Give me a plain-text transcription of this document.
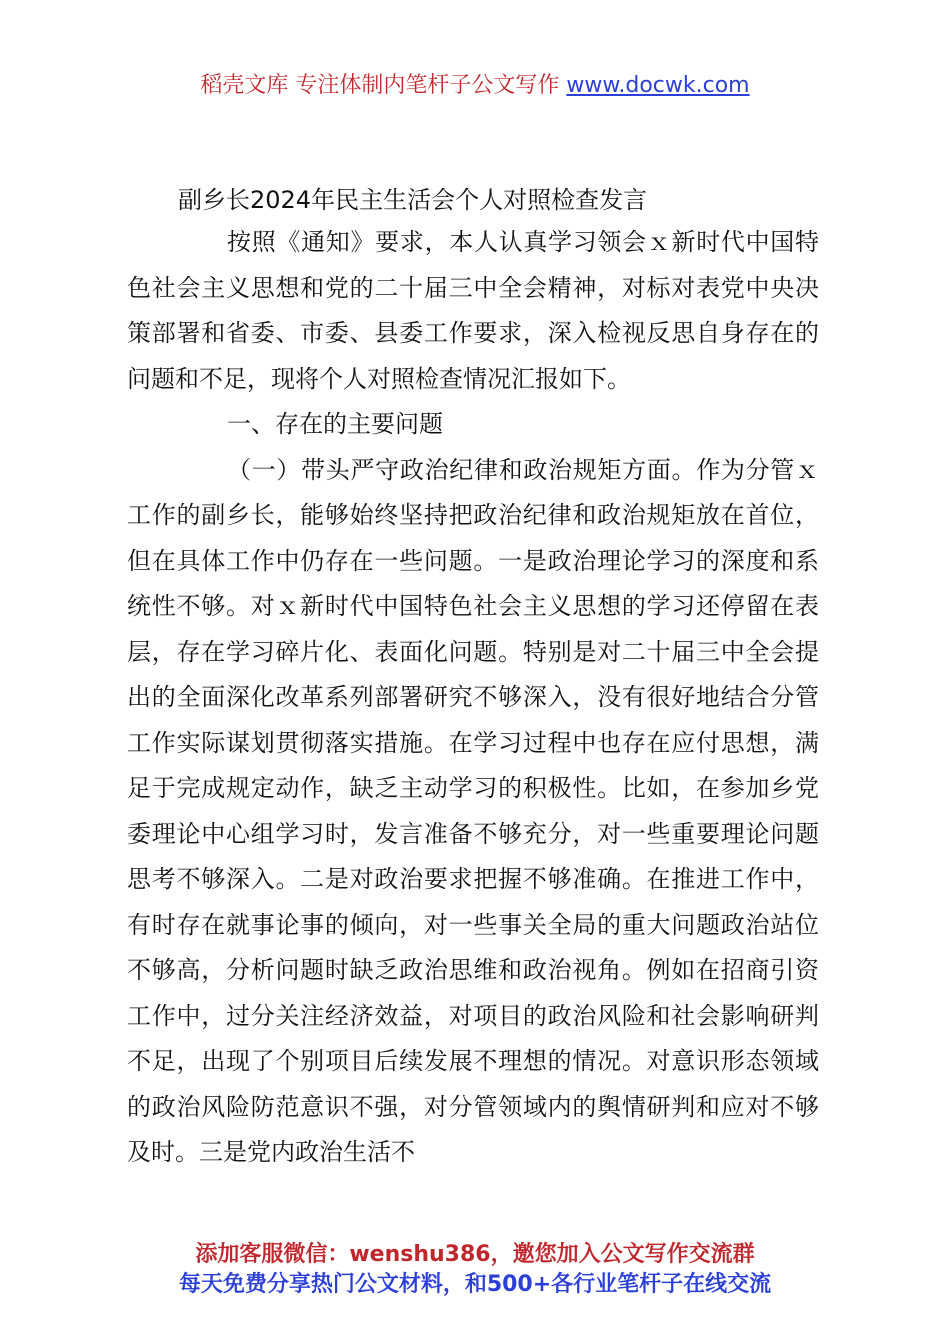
稻壳文库 专注体制内笔杆子公文写作 www.docwk.com
副乡长2024年民主生活会个人对照检查发言

按照《通知》要求，本人认真学习领会ｘ新时代中国特色社会主义思想和党的二十届三中全会精神，对标对表党中央决策部署和省委、市委、县委工作要求，深入检视反思自身存在的问题和不足，现将个人对照检查情况汇报如下。

一、存在的主要问题

（一）带头严守政治纪律和政治规矩方面。作为分管ｘ工作的副乡长，能够始终坚持把政治纪律和政治规矩放在首位，但在具体工作中仍存在一些问题。一是政治理论学习的深度和系统性不够。对ｘ新时代中国特色社会主义思想的学习还停留在表层，存在学习碎片化、表面化问题。特别是对二十届三中全会提出的全面深化改革系列部署研究不够深入，没有很好地结合分管工作实际谋划贯彻落实措施。在学习过程中也存在应付思想，满足于完成规定动作，缺乏主动学习的积极性。比如，在参加乡党委理论中心组学习时，发言准备不够充分，对一些重要理论问题思考不够深入。二是对政治要求把握不够准确。在推进工作中，有时存在就事论事的倾向，对一些事关全局的重大问题政治站位不够高，分析问题时缺乏政治思维和政治视角。例如在招商引资工作中，过分关注经济效益，对项目的政治风险和社会影响研判不足，出现了个别项目后续发展不理想的情况。对意识形态领域的政治风险防范意识不强，对分管领域内的舆情研判和应对不够及时。三是党内政治生活不

添加客服微信：wenshu386，邀您加入公文写作交流群
每天免费分享热门公文材料，和500+各行业笔杆子在线交流
